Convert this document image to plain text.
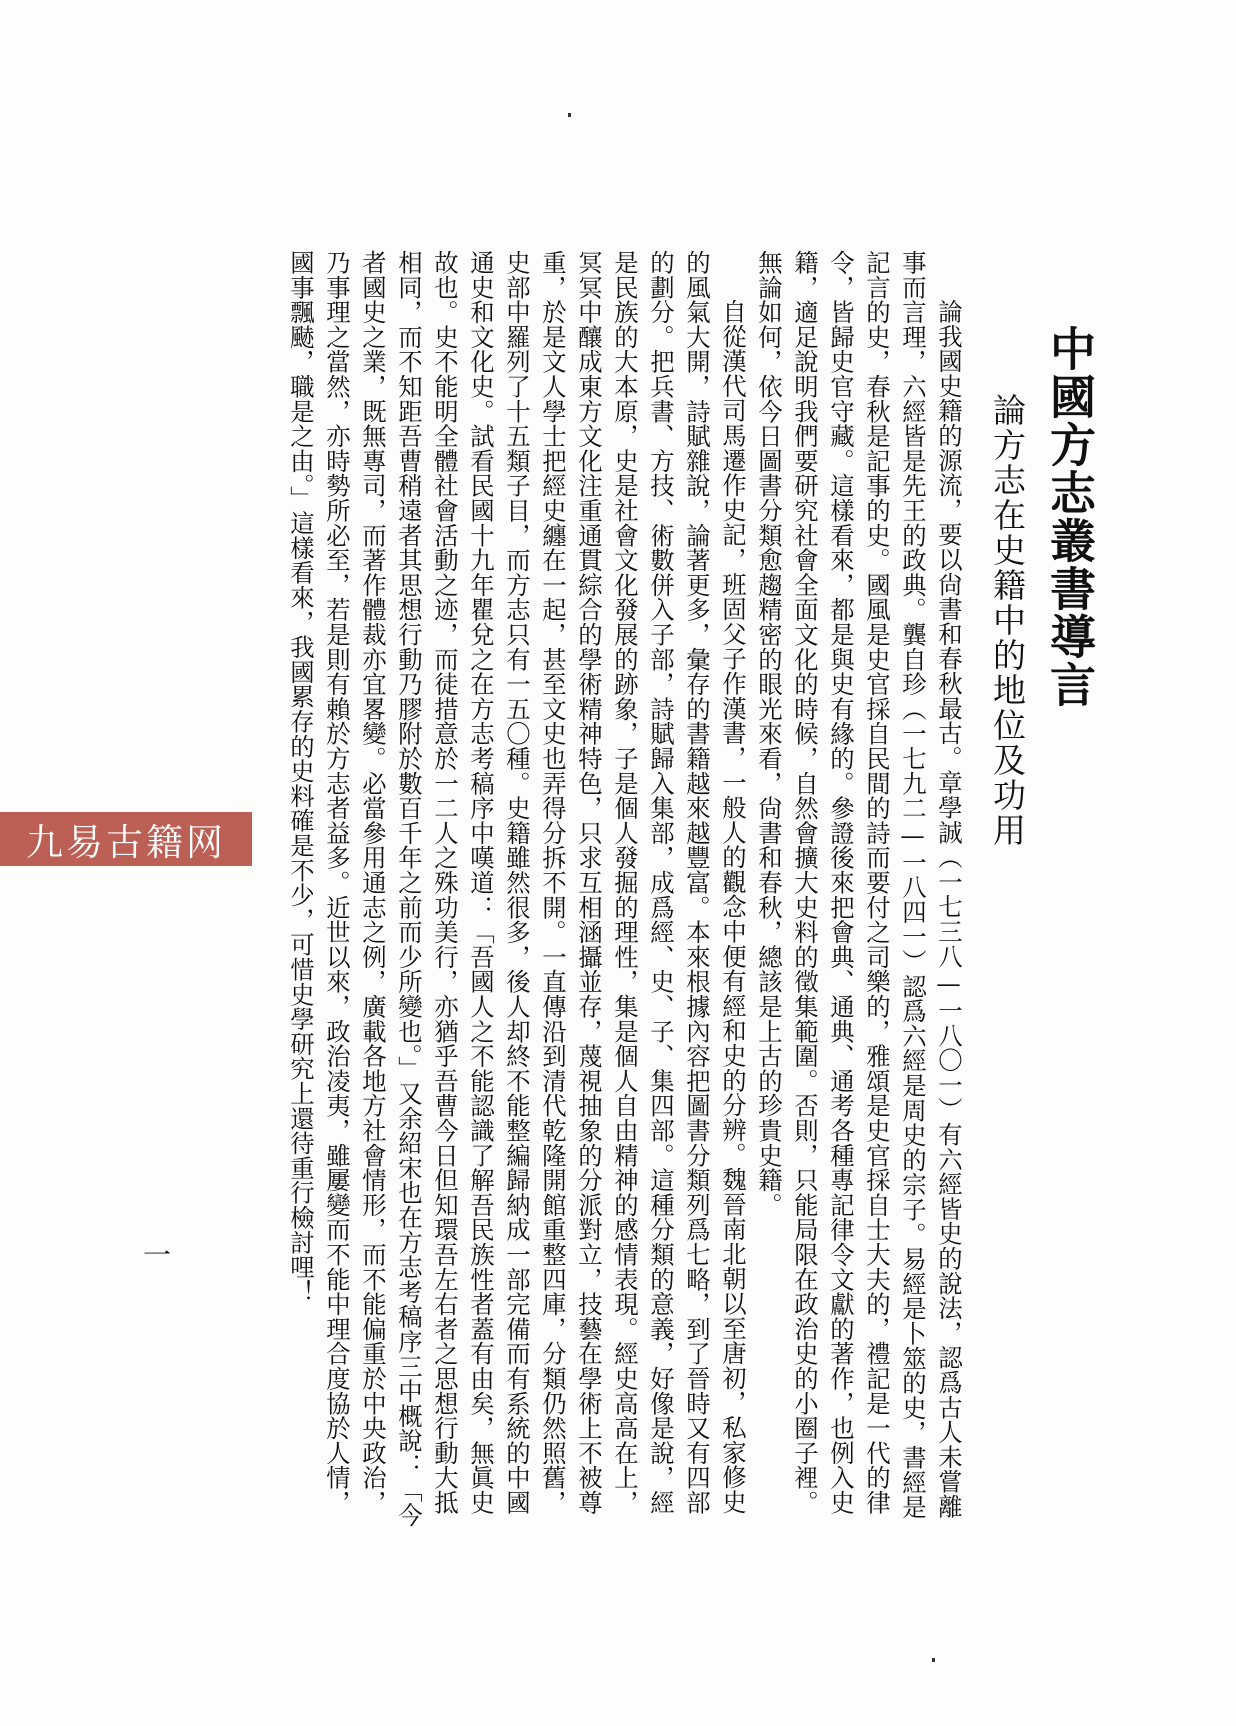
中國方志叢書導言
論方志在史籍中的地位及功用

論我國史籍的源流，要以尙書和春秋最古。章學誠（一七三八—一八〇一）有六經皆史的說法，認爲古人未嘗離事而言理，六經皆是先王的政典。龔自珍（一七九二—一八四一）認爲六經是周史的宗子。易經是卜筮的史，書經是記言的史，春秋是記事的史。國風是史官採自民間的詩而要付之司樂的，雅頌是史官採自士大夫的，禮記是一代的律令，皆歸史官守藏。這樣看來，都是與史有緣的。參證後來把會典、通典、通考各種專記律令文獻的著作，也例入史籍，適足說明我們要研究社會全面文化的時候，自然會擴大史料的徵集範圍。否則，只能局限在政治史的小圈子裡。無論如何，依今日圖書分類愈趨精密的眼光來看，尙書和春秋，總該是上古的珍貴史籍。

自從漢代司馬遷作史記，班固父子作漢書，一般人的觀念中便有經和史的分辨。魏晉南北朝以至唐初，私家修史的風氣大開，詩賦雜說，論著更多，彙存的書籍越來越豐富。本來根據內容把圖書分類列爲七略，到了晉時又有四部的劃分。把兵書、方技、術數併入子部，詩賦歸入集部，成爲經、史、子、集四部。這種分類的意義，好像是說，經是民族的大本原，史是社會文化發展的跡象，子是個人發掘的理性，集是個人自由精神的感情表現。經史高高在上，冥冥中釀成東方文化注重通貫綜合的學術精神特色，只求互相涵攝並存，蔑視抽象的分派對立，技藝在學術上不被尊重，於是文人學士把經史纏在一起，甚至文史也弄得分拆不開。一直傳沿到清代乾隆開館重整四庫，分類仍然照舊，史部中羅列了十五類子目，而方志只有一五〇種。史籍雖然很多，後人却終不能整編歸納成一部完備而有系統的中國通史和文化史。試看民國十九年瞿兌之在方志考稿序中嘆道：「吾國人之不能認識了解吾民族性者蓋有由矣，無眞史故也。史不能明全體社會活動之迹，而徒措意於一二人之殊功美行，亦猶乎吾曹今日但知環吾左右者之思想行動大抵相同，而不知距吾曹稍遠者其思想行動乃膠附於數百千年之前而少所變也。」又余紹宋也在方志考稿序三中概說：「今者國史之業，既無專司，而著作體裁亦宜畧變。必當參用通志之例，廣載各地方社會情形，而不能偏重於中央政治，乃事理之當然，亦時勢所必至，若是則有賴於方志者益多。近世以來，政治凌夷，雖屢變而不能中理合度協於人情，國事飄䬉，職是之由。」這樣看來，我國累存的史料確是不少，可惜史學研究上還待重行檢討哩！

一
九易古籍网
